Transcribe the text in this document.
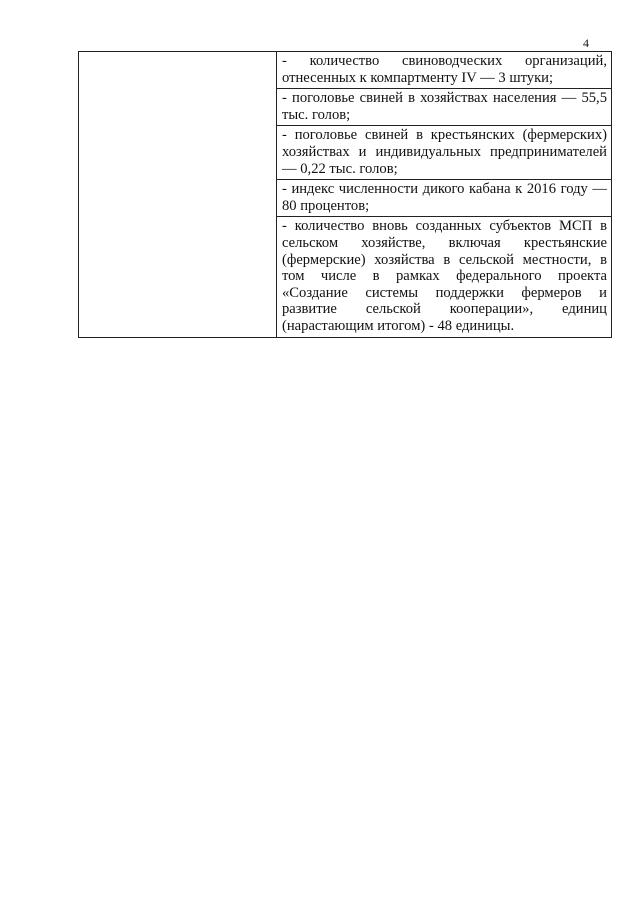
4

- количество свиноводческих организаций, отнесенных к компартменту IV — 3 штуки;
- поголовье свиней в хозяйствах населения — 55,5 тыс. голов;
- поголовье свиней в крестьянских (фермерских) хозяйствах и индивидуальных предпринимателей — 0,22 тыс. голов;
- индекс численности дикого кабана к 2016 году — 80 процентов;
- количество вновь созданных субъектов МСП в сельском хозяйстве, включая крестьянские (фермерские) хозяйства в сельской местности, в том числе в рамках федерального проекта «Создание системы поддержки фермеров и развитие сельской кооперации», единиц (нарастающим итогом) - 48 единицы.
